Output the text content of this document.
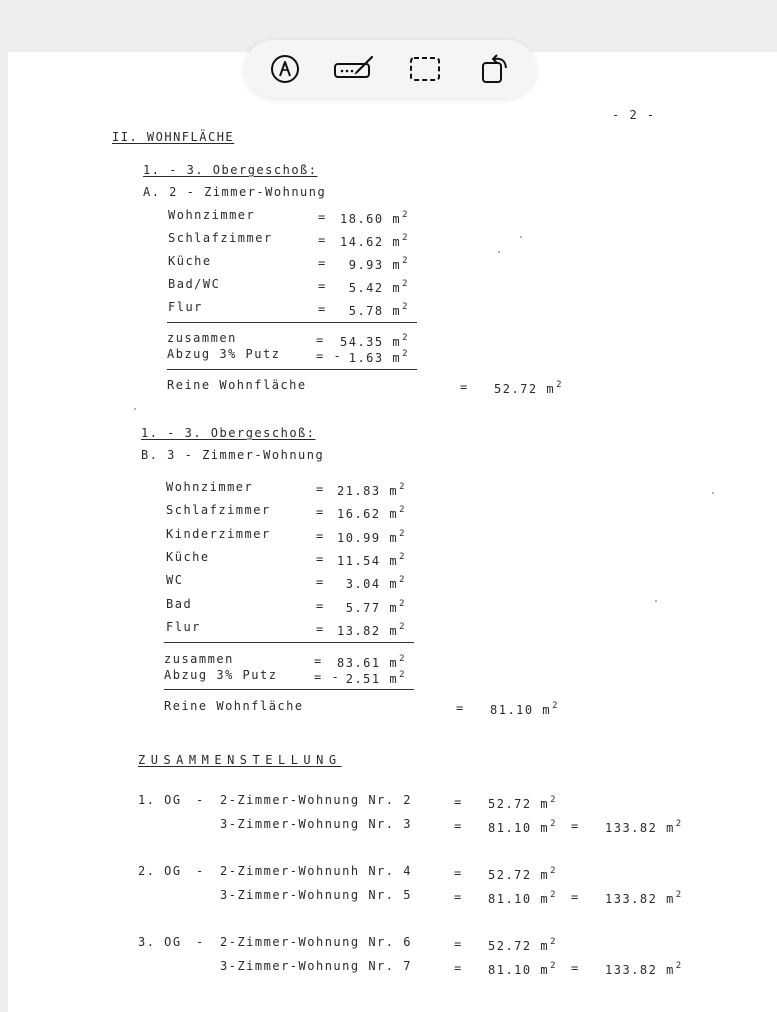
- 2 -
II. WOHNFLÄCHE
1. - 3. Obergeschoß:
A. 2 - Zimmer-Wohnung
Wohnzimmer	= 18.60 $m^2$
Schlafzimmer	= 14.62 $m^2$
Küche	=	9.93 $m^2$
Bad/WC	=	5.42 $m^2$
Flur	=	5.78 $m^2$
zusammen	= 54.35 $m^2$
Abzug 3% Putz	= - 1.63 $m^2$
Reine Wohnfläche	= 52.72 $m^2$
1. - 3. Obergeschoß:
B. 3 - Zimmer-Wohnung
Wohnzimmer	= 21.83 $m^2$
Schlafzimmer	= 16.62 $m^2$
Kinderzimmer	= 10.99 $m^2$
Küche	= 11.54 $m^2$
WC	=	3.04 $m^2$
Bad	=	5.77 $m^2$
Flur	= 13.82 $m^2$
zusammen	= 83.61 $m^2$
Abzug 3% Putz	= - 2.51 $m^2$
Reine Wohnfläche	= 81.10 $m^2$
ZUSAMMENSTELLUNG
1. OG - 2-Zimmer-Wohnung Nr. 2	= 52.72 $m^2$
3-Zimmer-Wohnung Nr. 3	= 81.10 $m^2 = 133.82$ $m^2$
2. OG - 2-Zimmer-Wohnunh Nr. 4	= 52.72 $m^2$
3-Zimmer-Wohnung Nr. 5	= 81.10 $m^2 = 133.82$ $m^2$
3. OG - 2-Zimmer-Wohnung Nr. 6	= 52.72 $m^2$
3-Zimmer-Wohnung Nr. 7	= 81.10 $m^2 = 133.82$ $m^2$
